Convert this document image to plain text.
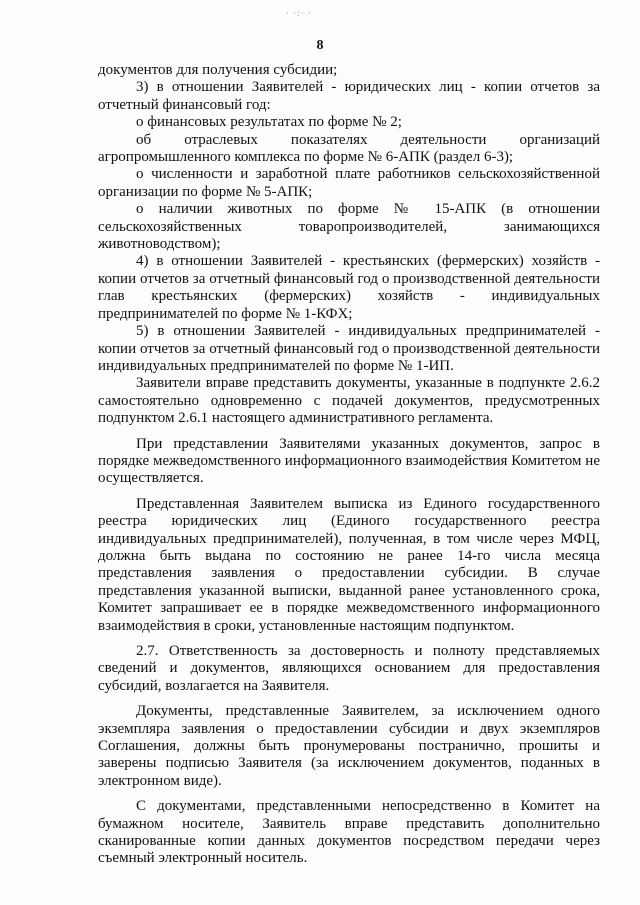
· ·:· ·
8

документов для получения субсидии;

3) в отношении Заявителей - юридических лиц - копии отчетов за отчетный финансовый год:

о финансовых результатах по форме № 2;

об отраслевых показателях деятельности организаций агропромышленного комплекса по форме № 6-АПК (раздел 6-3);

о численности и заработной плате работников сельскохозяйственной организации по форме № 5-АПК;

о наличии животных по форме № 15-АПК (в отношении сельскохозяйственных товаропроизводителей, занимающихся животноводством);

4) в отношении Заявителей - крестьянских (фермерских) хозяйств - копии отчетов за отчетный финансовый год о производственной деятельности глав крестьянских (фермерских) хозяйств - индивидуальных предпринимателей по форме № 1-КФХ;

5) в отношении Заявителей - индивидуальных предпринимателей - копии отчетов за отчетный финансовый год о производственной деятельности индивидуальных предпринимателей по форме № 1-ИП.

Заявители вправе представить документы, указанные в подпункте 2.6.2 самостоятельно одновременно с подачей документов, предусмотренных подпунктом 2.6.1 настоящего административного регламента.

При представлении Заявителями указанных документов, запрос в порядке межведомственного информационного взаимодействия Комитетом не осуществляется.

Представленная Заявителем выписка из Единого государственного реестра юридических лиц (Единого государственного реестра индивидуальных предпринимателей), полученная, в том числе через МФЦ, должна быть выдана по состоянию не ранее 14-го числа месяца представления заявления о предоставлении субсидии. В случае представления указанной выписки, выданной ранее установленного срока, Комитет запрашивает ее в порядке межведомственного информационного взаимодействия в сроки, установленные настоящим подпунктом.

2.7. Ответственность за достоверность и полноту представляемых сведений и документов, являющихся основанием для предоставления субсидий, возлагается на Заявителя.

Документы, представленные Заявителем, за исключением одного экземпляра заявления о предоставлении субсидии и двух экземпляров Соглашения, должны быть пронумерованы постранично, прошиты и заверены подписью Заявителя (за исключением документов, поданных в электронном виде).

С документами, представленными непосредственно в Комитет на бумажном носителе, Заявитель вправе представить дополнительно сканированные копии данных документов посредством передачи через съемный электронный носитель.
